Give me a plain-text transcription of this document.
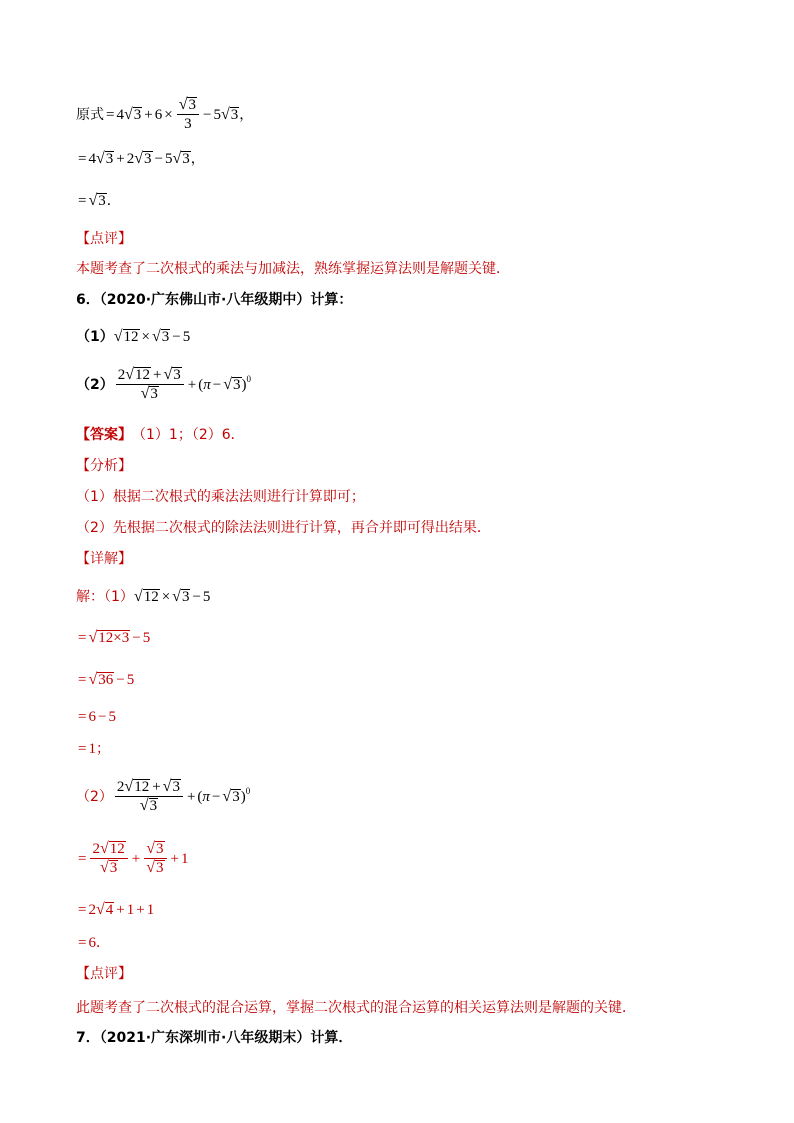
原式 = 4 √ $3 + 6 \times \frac{√ 3}{3} - 5$ √ 3 ，
= 4 √ 3 + 2 √ 3 − 5 √ 3 ，
= √ 3 ．
【点评】
本题考查了二次根式的乘法与加减法，熟练掌握运算法则是解题关键．
6．（2020·广东佛山市·八年级期中）计算：
（1） √ 12 × √ 3 − 5
$(2) \frac{2 √ 12 + √ 3}{√ 3}$ + ( π − √ 3 )$^0$
【答案】 （1）1；（2）6．
【分析】
（1）根据二次根式的乘法法则进行计算即可；
（2）先根据二次根式的除法法则进行计算，再合并即可得出结果．
【详解】
解：（1） √ 12 × √ 3 − 5
= √ 12×3 − 5
= √ 36 − 5
= 6 − 5
= 1 ；
$(2) \frac{2 √ 12 + √ 3}{√ 3}$ + ( π − √ 3 )$^0$
= $\frac{2 √ 12}{√ 3} + \frac{√ 3}{√ 3} + 1$
= 2 √ 4 + 1 + 1
= 6 ．
【点评】
此题考查了二次根式的混合运算，掌握二次根式的混合运算的相关运算法则是解题的关键．
7．（2021·广东深圳市·八年级期末）计算．
